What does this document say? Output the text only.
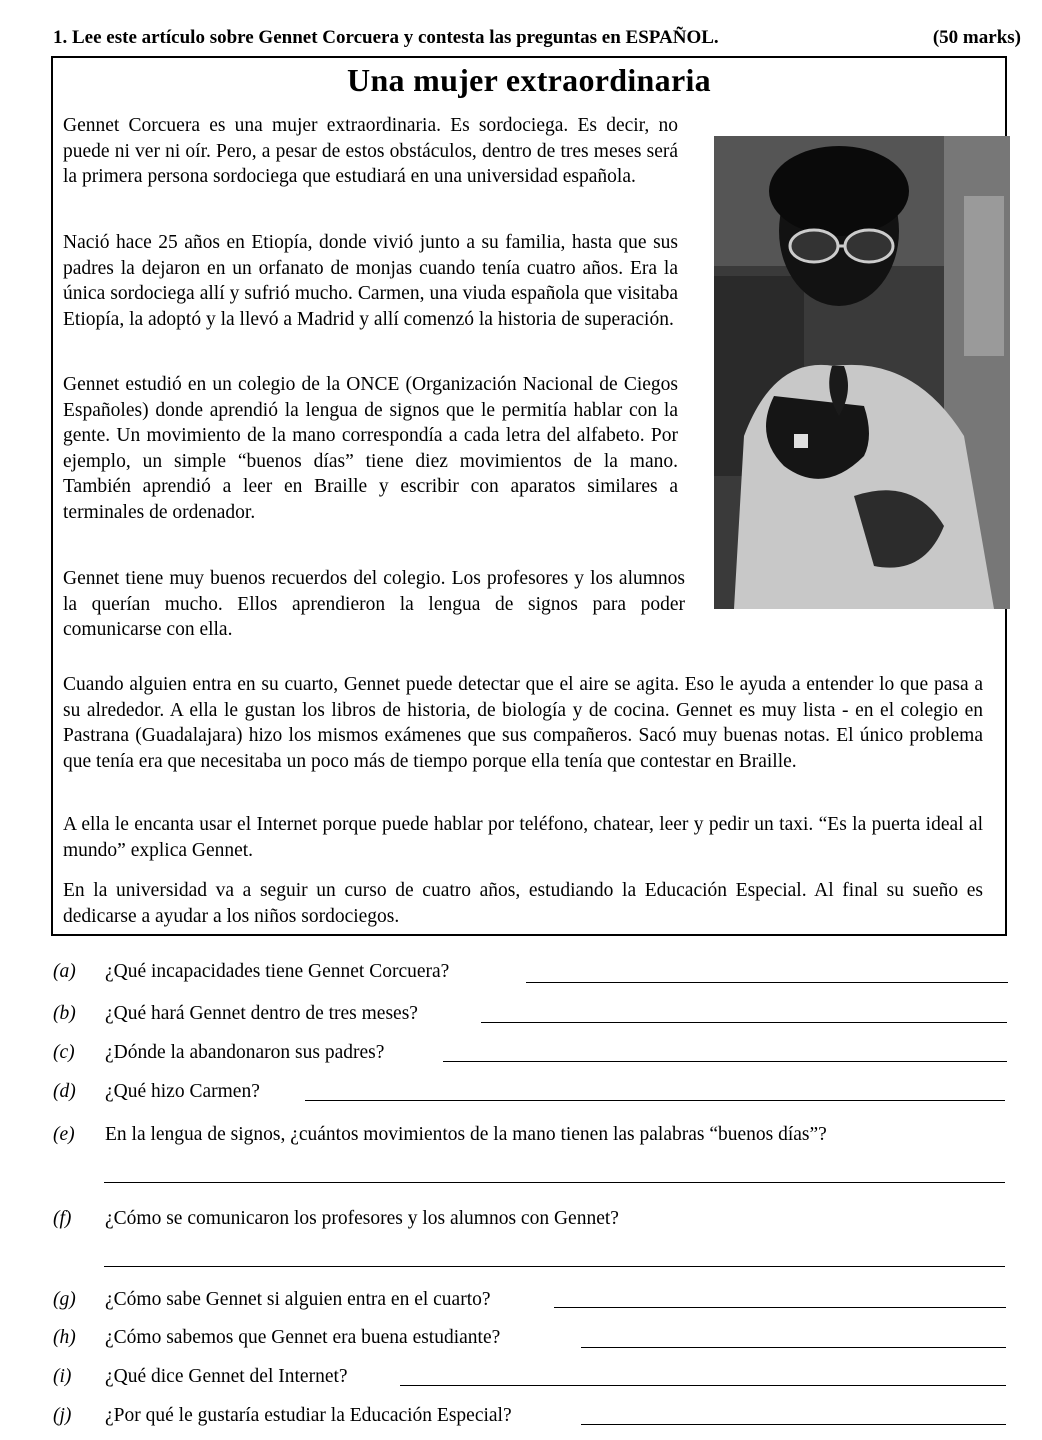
1. Lee este artículo sobre Gennet Corcuera y contesta las preguntas en ESPAÑOL.	(50 marks)
Una mujer extraordinaria

Gennet Corcuera es una mujer extraordinaria. Es sordociega. Es decir, no puede ni ver ni oír. Pero, a pesar de estos obstáculos, dentro de tres meses será la primera persona sordociega que estudiará en una universidad española.

Nació hace 25 años en Etiopía, donde vivió junto a su familia, hasta que sus padres la dejaron en un orfanato de monjas cuando tenía cuatro años. Era la única sordociega allí y sufrió mucho. Carmen, una viuda española que visitaba Etiopía, la adoptó y la llevó a Madrid y allí comenzó la historia de superación.

Gennet estudió en un colegio de la ONCE (Organización Nacional de Ciegos Españoles) donde aprendió la lengua de signos que le permitía hablar con la gente. Un movimiento de la mano correspondía a cada letra del alfabeto. Por ejemplo, un simple “buenos días” tiene diez movimientos de la mano. También aprendió a leer en Braille y escribir con aparatos similares a terminales de ordenador.

Gennet tiene muy buenos recuerdos del colegio. Los profesores y los alumnos la querían mucho. Ellos aprendieron la lengua de signos para poder comunicarse con ella.

Cuando alguien entra en su cuarto, Gennet puede detectar que el aire se agita. Eso le ayuda a entender lo que pasa a su alrededor. A ella le gustan los libros de historia, de biología y de cocina. Gennet es muy lista - en el colegio en Pastrana (Guadalajara) hizo los mismos exámenes que sus compañeros. Sacó muy buenas notas. El único problema que tenía era que necesitaba un poco más de tiempo porque ella tenía que contestar en Braille.

A ella le encanta usar el Internet porque puede hablar por teléfono, chatear, leer y pedir un taxi. “Es la puerta ideal al mundo” explica Gennet.

En la universidad va a seguir un curso de cuatro años, estudiando la Educación Especial. Al final su sueño es dedicarse a ayudar a los niños sordociegos.

(a)	¿Qué incapacidades tiene Gennet Corcuera?
(b)	¿Qué hará Gennet dentro de tres meses?
(c)	¿Dónde la abandonaron sus padres?
(d)	¿Qué hizo Carmen?
(e)	En la lengua de signos, ¿cuántos movimientos de la mano tienen las palabras “buenos días”?
(f)	¿Cómo se comunicaron los profesores y los alumnos con Gennet?
(g)	¿Cómo sabe Gennet si alguien entra en el cuarto?
(h)	¿Cómo sabemos que Gennet era buena estudiante?
(i)	¿Qué dice Gennet del Internet?
(j)	¿Por qué le gustaría estudiar la Educación Especial?
